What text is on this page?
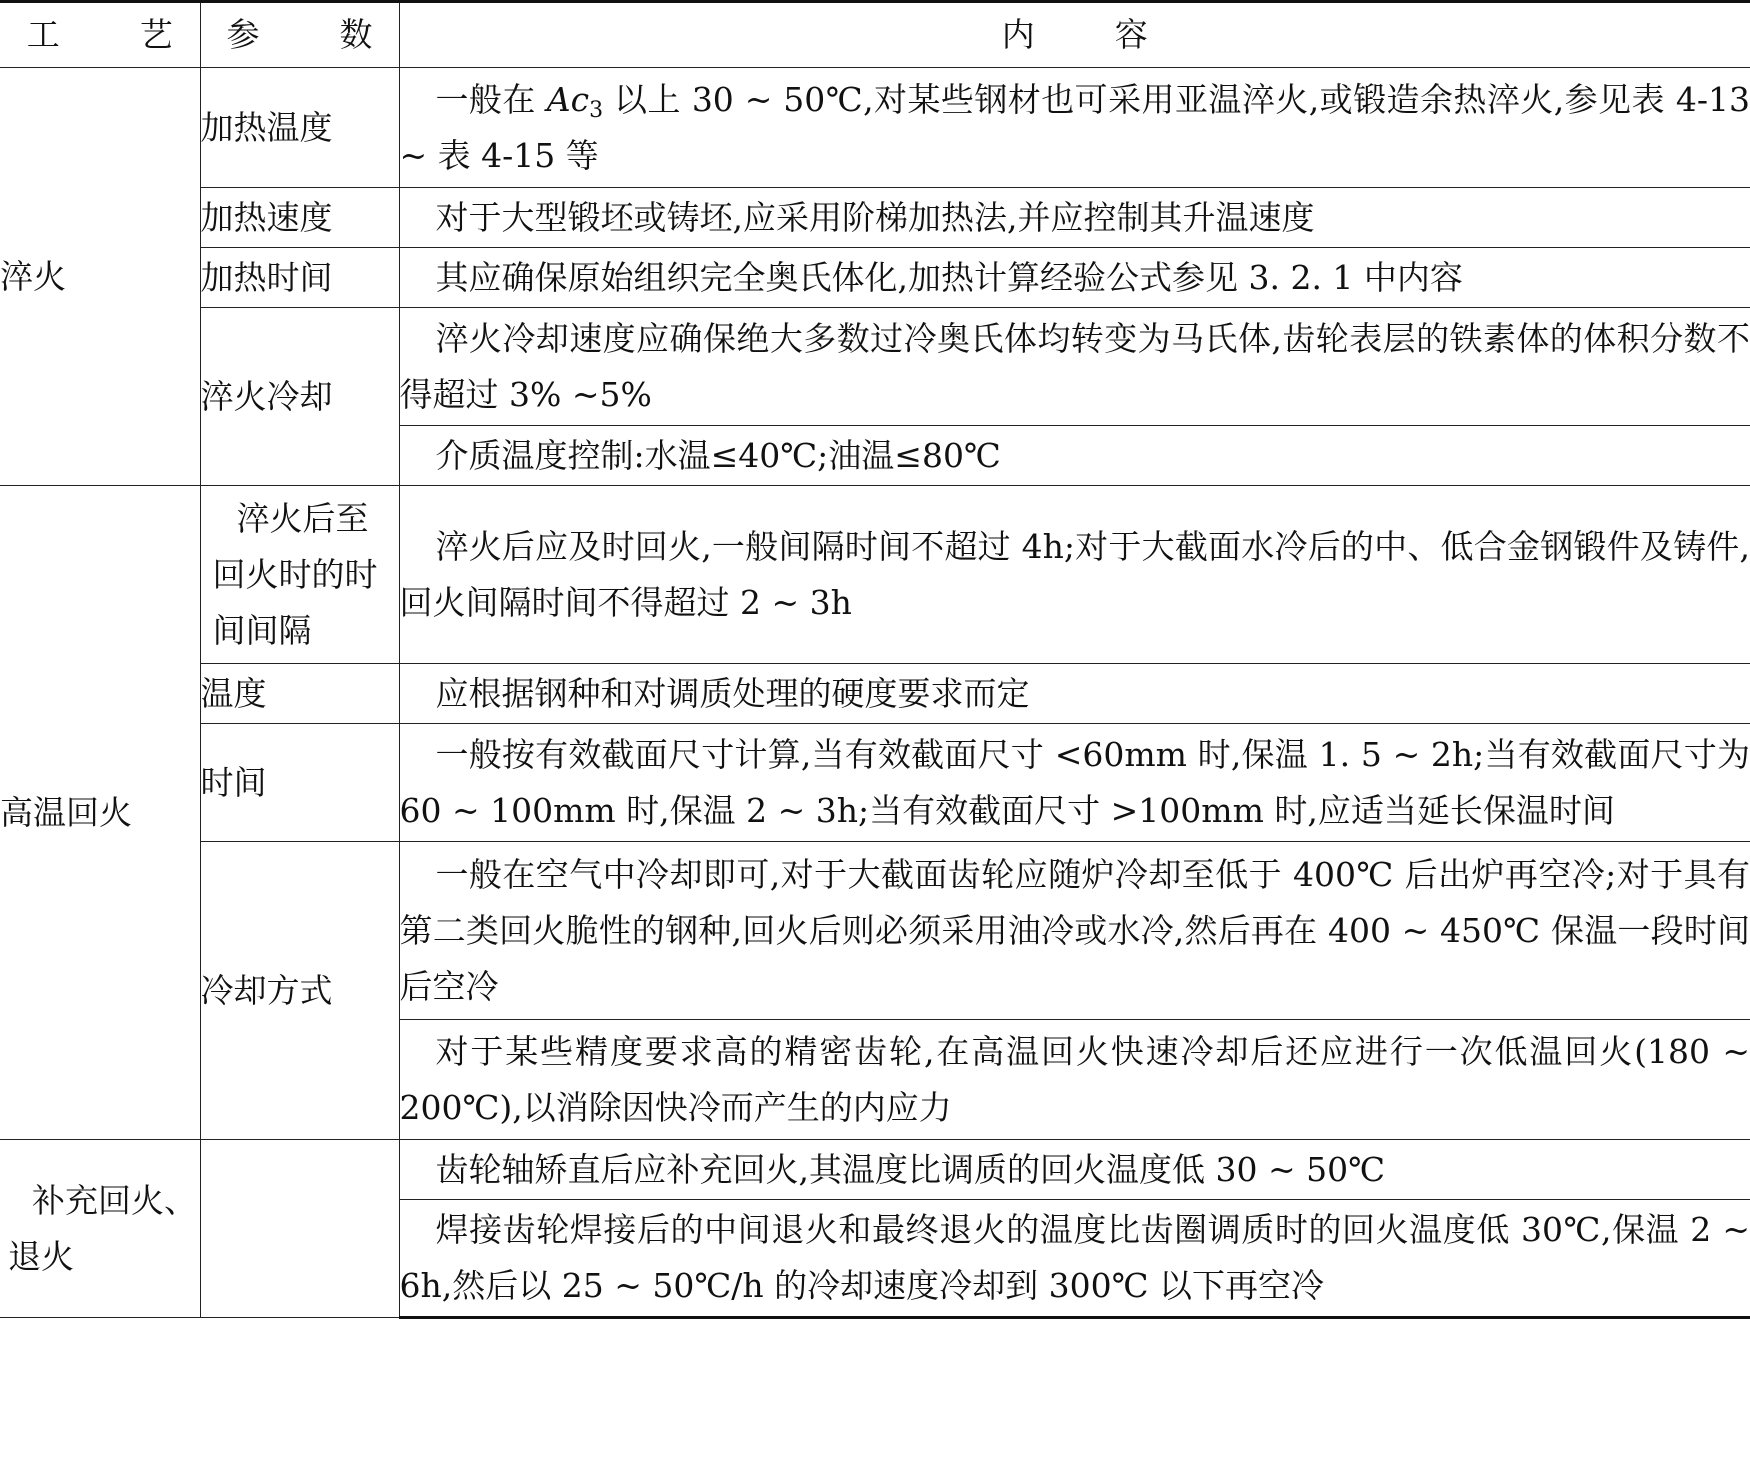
工艺	参数	内容
淬火	加热温度	一般在 $Ac_3$ 以上 30 ~ 50℃,对某些钢材也可采用亚温淬火,或锻造余热淬火,参见表 4-13 ~ 表 4-15 等
	加热速度	对于大型锻坯或铸坯,应采用阶梯加热法,并应控制其升温速度
	加热时间	其应确保原始组织完全奥氏体化,加热计算经验公式参见 3. 2. 1 中内容
	淬火冷却	淬火冷却速度应确保绝大多数过冷奥氏体均转变为马氏体,齿轮表层的铁素体的体积分数不得超过 3% ~5%
		介质温度控制:水温≤40℃;油温≤80℃
高温回火	淬火后至回火时的时间间隔	淬火后应及时回火,一般间隔时间不超过 4h;对于大截面水冷后的中、低合金钢锻件及铸件,回火间隔时间不得超过 2 ~ 3h
	温度	应根据钢种和对调质处理的硬度要求而定
	时间	一般按有效截面尺寸计算,当有效截面尺寸 <60mm 时,保温 1. 5 ~ 2h;当有效截面尺寸为 60 ~ 100mm 时,保温 2 ~ 3h;当有效截面尺寸 >100mm 时,应适当延长保温时间
	冷却方式	一般在空气中冷却即可,对于大截面齿轮应随炉冷却至低于 400℃ 后出炉再空冷;对于具有第二类回火脆性的钢种,回火后则必须采用油冷或水冷,然后再在 400 ~ 450℃ 保温一段时间后空冷
		对于某些精度要求高的精密齿轮,在高温回火快速冷却后还应进行一次低温回火(180 ~ 200℃),以消除因快冷而产生的内应力
补充回火、退火		齿轮轴矫直后应补充回火,其温度比调质的回火温度低 30 ~ 50℃
		焊接齿轮焊接后的中间退火和最终退火的温度比齿圈调质时的回火温度低 30℃,保温 2 ~ 6h,然后以 25 ~ 50℃/h 的冷却速度冷却到 300℃ 以下再空冷
